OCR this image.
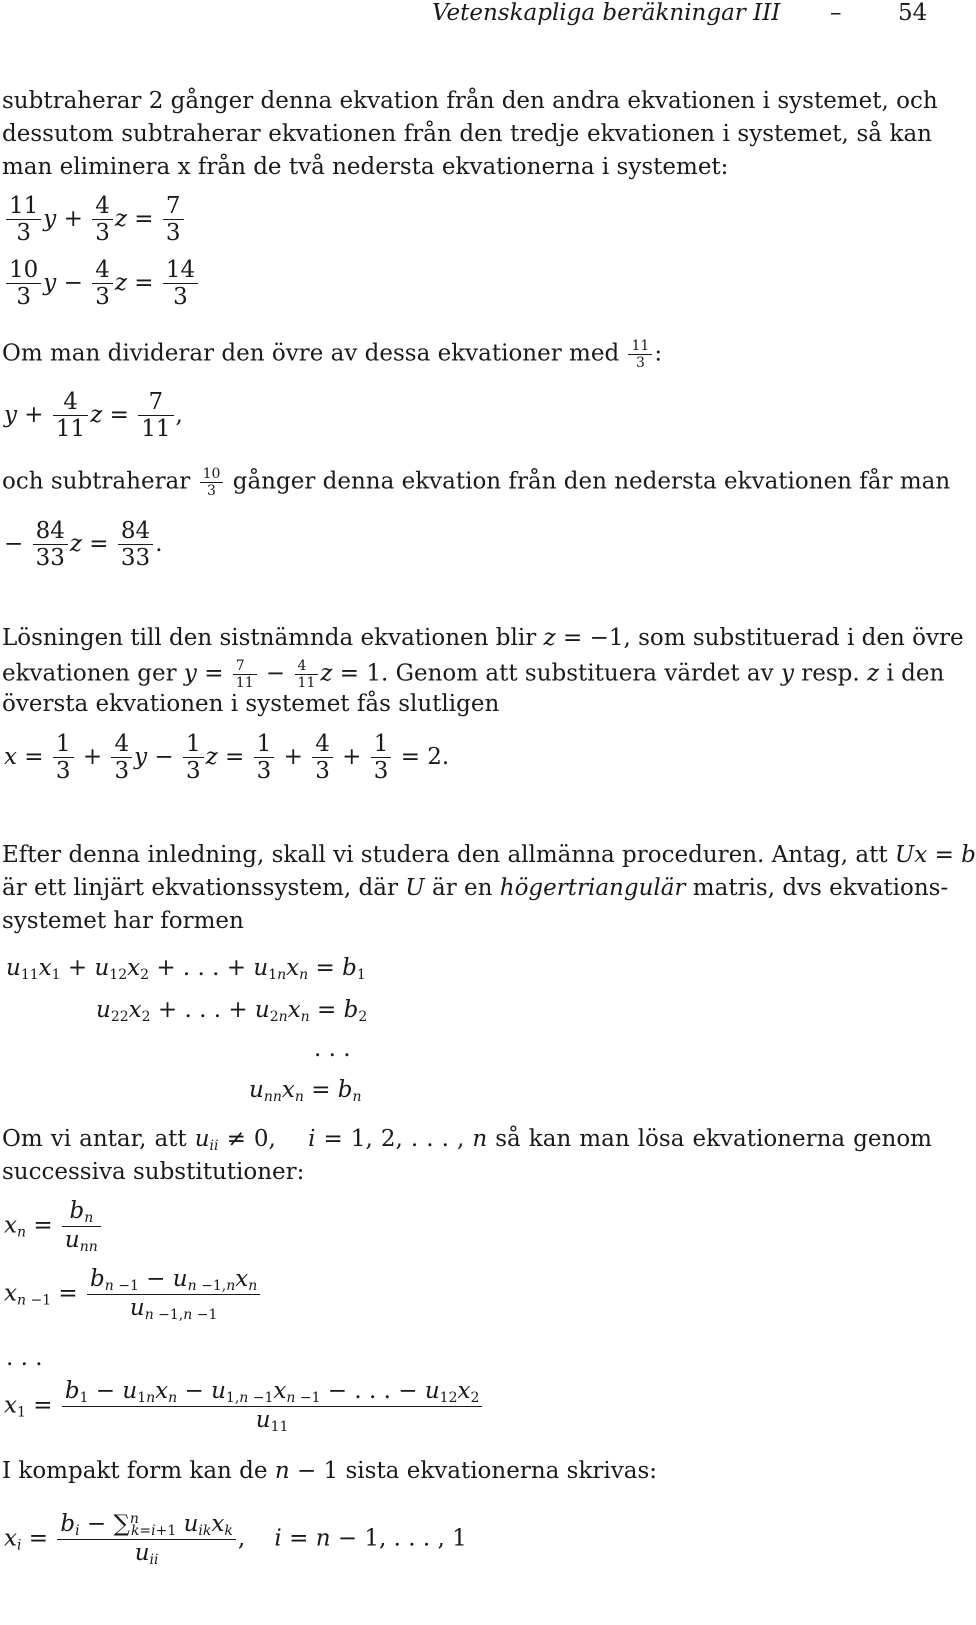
Vetenskapliga beräkningar III – 54
subtraherar 2 gånger denna ekvation från den andra ekvationen i systemet, och
dessutom subtraherar ekvationen från den tredje ekvationen i systemet, så kan
man eliminera x från de två nedersta ekvationerna i systemet:
$\frac{11}{3}$ $y + \frac{4}{3}$ $z = \frac{7}{3}$
$\frac{10}{3}$ $y - \frac{4}{3}$ $z = \frac{14}{3}$
Om man dividerar den övre av dessa ekvationer med $\frac{11}{3}$ :
$y + \frac{4}{11}$ $z = \frac{7}{11}$ ,
och subtraherar $\frac{10}{3}$ gånger denna ekvation från den nedersta ekvationen får man
− $\frac{84}{33}$ $z = \frac{84}{33}$ .
Lösningen till den sistnämnda ekvationen blir z = −1, som substituerad i den övre
ekvationen ger $y = \frac{7}{11} - \frac{4}{11}$ z = 1. Genom att substituera värdet av y resp. z i den
översta ekvationen i systemet fås slutligen
$x = \frac{1}{3} + \frac{4}{3}$ $y - \frac{1}{3}$ $z = \frac{1}{3} + \frac{4}{3} + \frac{1}{3} = 2$.
Efter denna inledning, skall vi studera den allmänna proceduren. Antag, att Ux = b
är ett linjärt ekvationssystem, där U är en högertriangulär matris, dvs ekvations-
systemet har formen
$u_{11}x_1 + u_{12}x_2$ + . . . + $u_{1n}x_n = b_1$
$u_{22}x_2$ + . . . + $u_{2n}x_n = b_2$
. . .
$u_{nn}x_n = b_n$
Om vi antar, att $u_{ii} \ne 0$,    i = 1, 2, . . . , n så kan man lösa ekvationerna genom
successiva substitutioner:
$x_n = \frac{b_n}{u_{nn}}$
$x_{n -1} = \frac{b_{n -1} - u_{n -1,n}x_n}{u_{n -1,n -1}}$
. . .
$x_1 = \frac{b_1 - u_{1n}x_n - u_{1,n -1}x_{n -1} - . . . - u_{12}x_2}{u_{11}}$
I kompakt form kan de n − 1 sista ekvationerna skrivas:
$x_i = \frac{b_i - \sum^n_{k=i+1} u_{ik}x_k}{u_{ii}}$ ,    i = n − 1, . . . , 1
